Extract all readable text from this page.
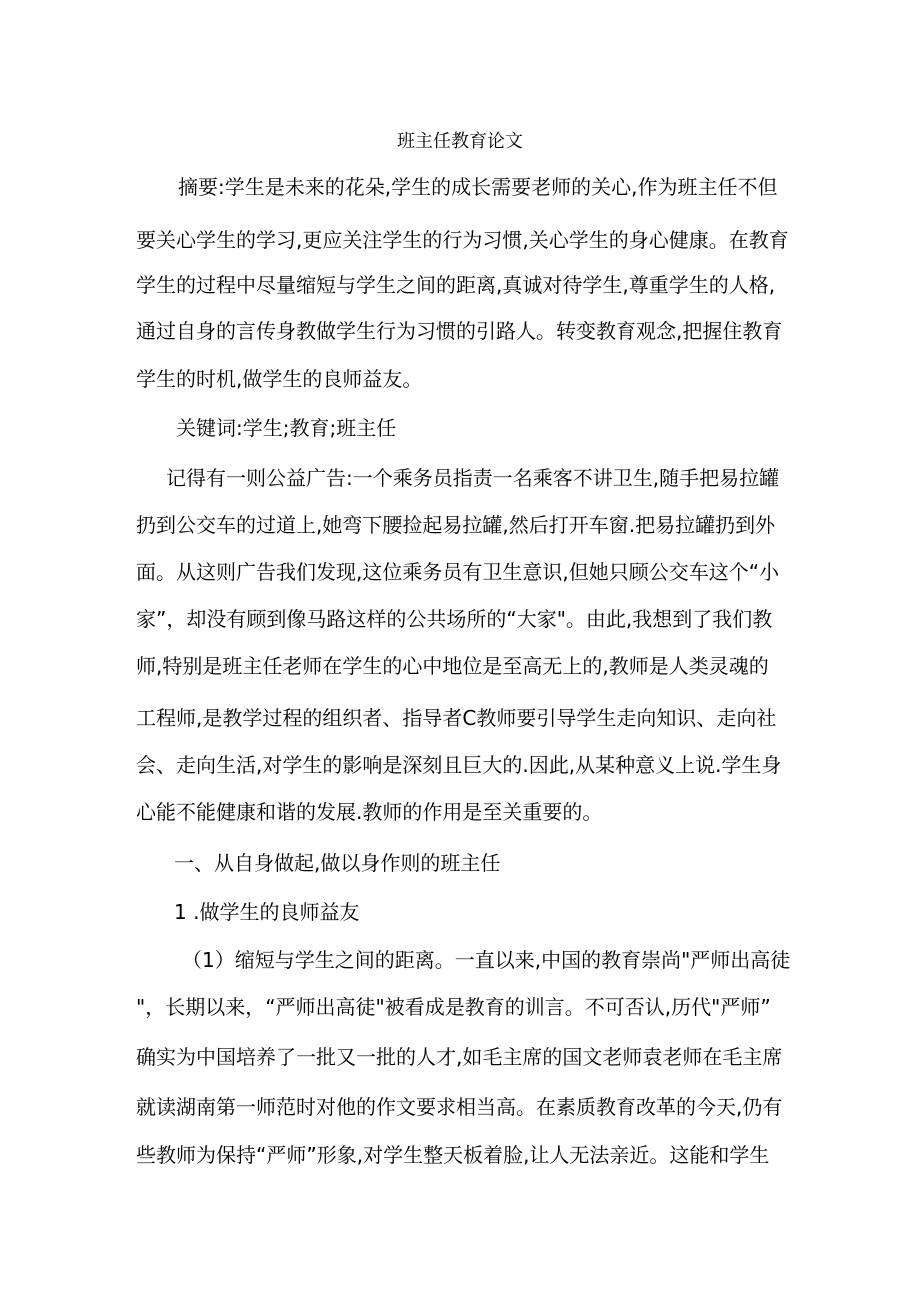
班主任教育论文
摘要:学生是未来的花朵,学生的成长需要老师的关心,作为班主任不但
要关心学生的学习,更应关注学生的行为习惯,关心学生的身心健康。在教育
学生的过程中尽量缩短与学生之间的距离,真诚对待学生,尊重学生的人格,
通过自身的言传身教做学生行为习惯的引路人。转变教育观念,把握住教育
学生的时机,做学生的良师益友。
关键词:学生;教育;班主任
记得有一则公益广告:一个乘务员指责一名乘客不讲卫生,随手把易拉罐
扔到公交车的过道上,她弯下腰捡起易拉罐,然后打开车窗.把易拉罐扔到外
面。从这则广告我们发现,这位乘务员有卫生意识,但她只顾公交车这个“小
家”，却没有顾到像马路这样的公共场所的“大家"。由此,我想到了我们教
师,特别是班主任老师在学生的心中地位是至高无上的,教师是人类灵魂的
工程师,是教学过程的组织者、指导者C教师要引导学生走向知识、走向社
会、走向生活,对学生的影响是深刻且巨大的.因此,从某种意义上说.学生身
心能不能健康和谐的发展.教师的作用是至关重要的。
一、从自身做起,做以身作则的班主任
1 .做学生的良师益友
（1）缩短与学生之间的距离。一直以来,中国的教育崇尚"严师出高徒
"，长期以来，“严师出高徒"被看成是教育的训言。不可否认,历代"严师”
确实为中国培养了一批又一批的人才,如毛主席的国文老师袁老师在毛主席
就读湖南第一师范时对他的作文要求相当高。在素质教育改革的今天,仍有
些教师为保持“严师”形象,对学生整天板着脸,让人无法亲近。这能和学生
